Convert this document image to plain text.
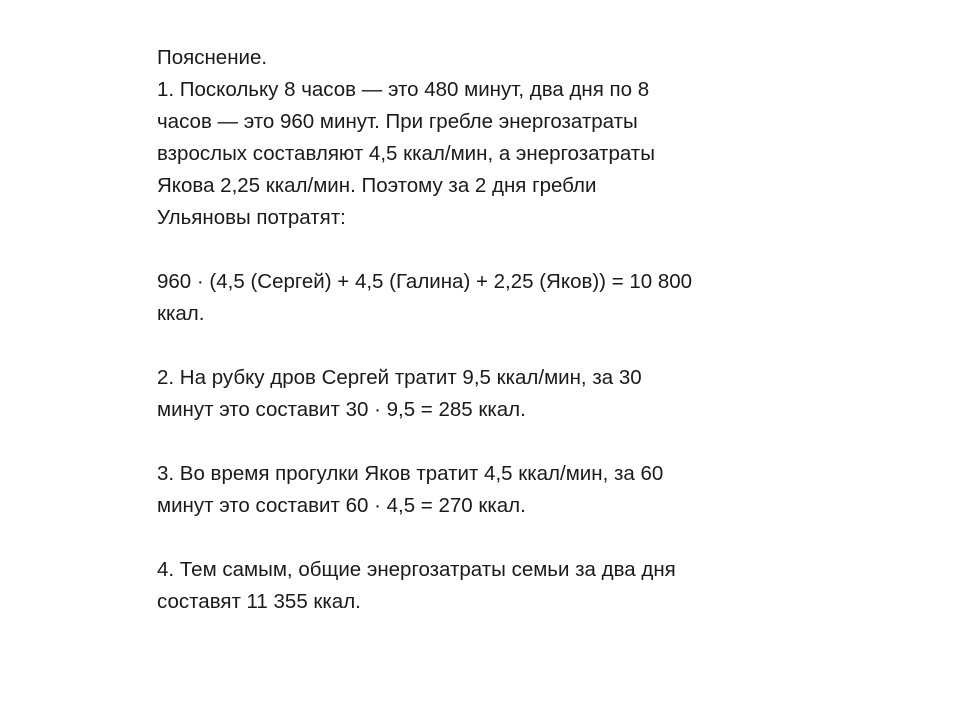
Пояснение.
1. Поскольку 8 часов — это 480 минут, два дня по 8
часов — это 960 минут. При гребле энергозатраты
взрослых составляют 4,5 ккал/мин, а энергозатраты
Якова 2,25 ккал/мин. Поэтому за 2 дня гребли
Ульяновы потратят:
960 · (4,5 (Сергей) + 4,5 (Галина) + 2,25 (Яков)) = 10 800
ккал.
2. На рубку дров Сергей тратит 9,5 ккал/мин, за 30
минут это составит 30 · 9,5 = 285 ккал.
3. Во время прогулки Яков тратит 4,5 ккал/мин, за 60
минут это составит 60 · 4,5 = 270 ккал.
4. Тем самым, общие энергозатраты семьи за два дня
составят 11 355 ккал.
